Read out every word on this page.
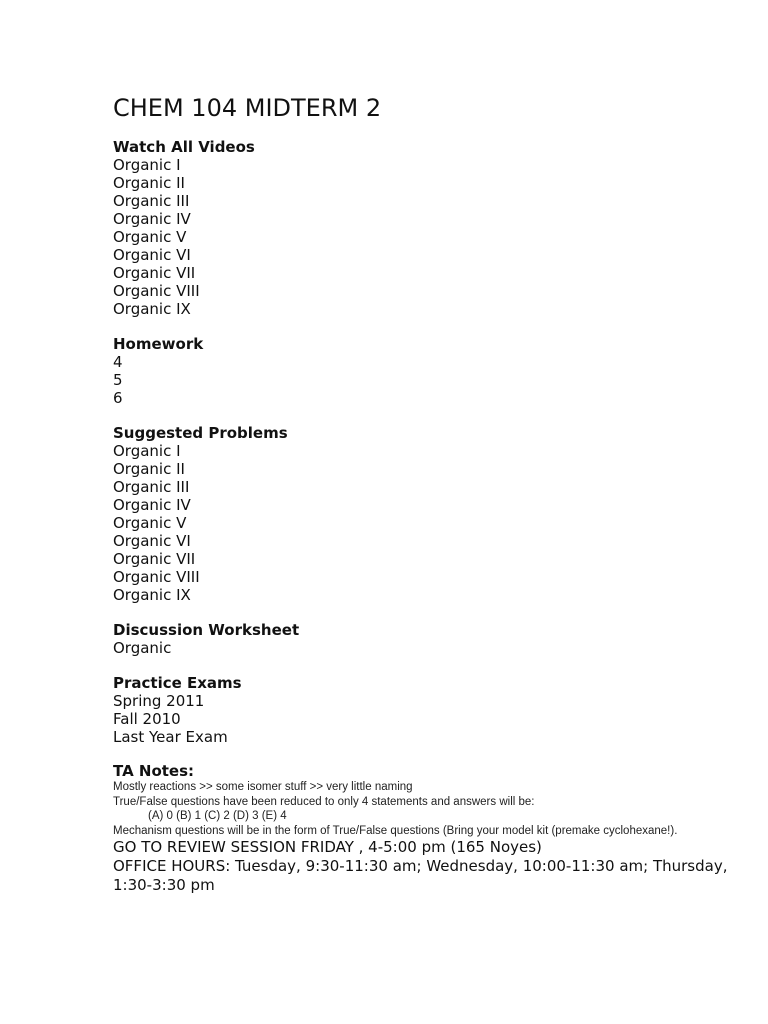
CHEM 104 MIDTERM 2
Watch All Videos
Organic I
Organic II
Organic III
Organic IV
Organic V
Organic VI
Organic VII
Organic VIII
Organic IX
Homework
4
5
6
Suggested Problems
Organic I
Organic II
Organic III
Organic IV
Organic V
Organic VI
Organic VII
Organic VIII
Organic IX
Discussion Worksheet
Organic
Practice Exams
Spring 2011
Fall 2010
Last Year Exam
TA Notes:
Mostly reactions >> some isomer stuff >> very little naming
True/False questions have been reduced to only 4 statements and answers will be:
(A) 0 (B) 1 (C) 2 (D) 3 (E) 4
Mechanism questions will be in the form of True/False questions (Bring your model kit (premake cyclohexane!).
GO TO REVIEW SESSION FRIDAY , 4-5:00 pm (165 Noyes)
OFFICE HOURS: Tuesday, 9:30-11:30 am; Wednesday, 10:00-11:30 am; Thursday, 1:30-3:30 pm
